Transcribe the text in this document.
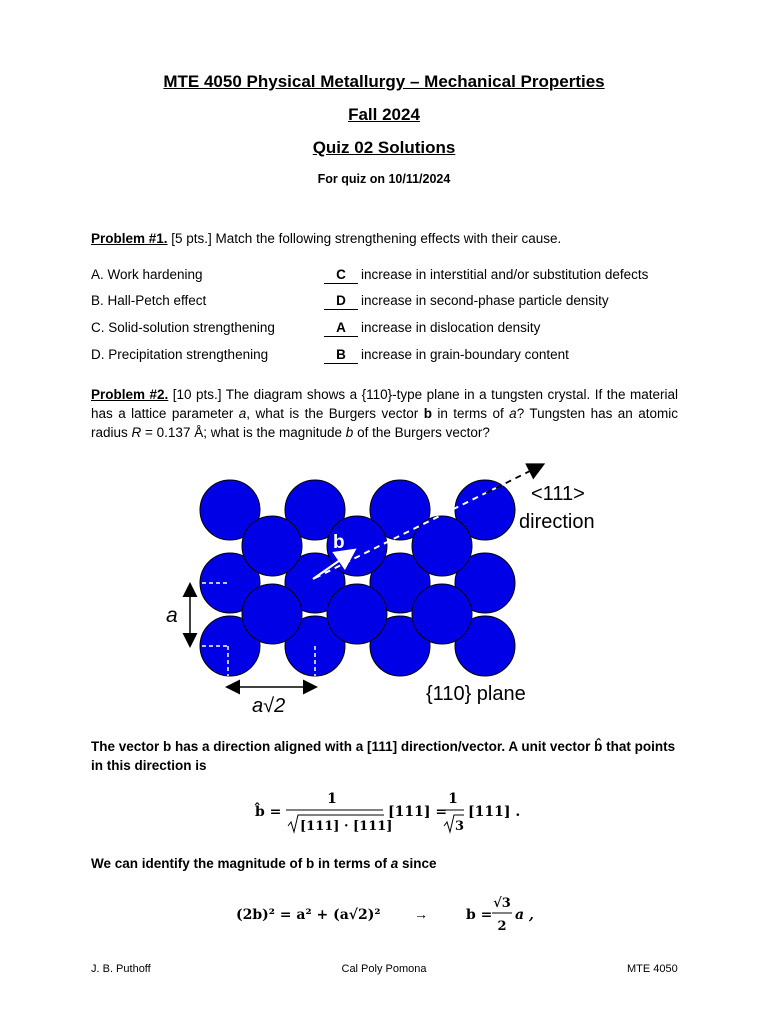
MTE 4050 Physical Metallurgy – Mechanical Properties
Fall 2024
Quiz 02 Solutions
For quiz on 10/11/2024
Problem #1. [5 pts.] Match the following strengthening effects with their cause.
A. Work hardening	C	increase in interstitial and/or substitution defects
B. Hall-Petch effect	D	increase in second-phase particle density
C. Solid-solution strengthening	A	increase in dislocation density
D. Precipitation strengthening	B	increase in grain-boundary content
Problem #2. [10 pts.] The diagram shows a {110}-type plane in a tungsten crystal. If the material has a lattice parameter a, what is the Burgers vector b in terms of a? Tungsten has an atomic radius R = 0.137 Å; what is the magnitude b of the Burgers vector?
b
a
a√2
<111>
direction
{110} plane
The vector b has a direction aligned with a [111] direction/vector. A unit vector b̂ that points in this direction is
b̂ =
1
[111] · [111]
[111] =
1
3
[111] .
We can identify the magnitude of b in terms of a since
(2b)² = a² + (a√2)² →	b =
√3
2
a ,
J. B. Puthoff	Cal Poly Pomona	MTE 4050
